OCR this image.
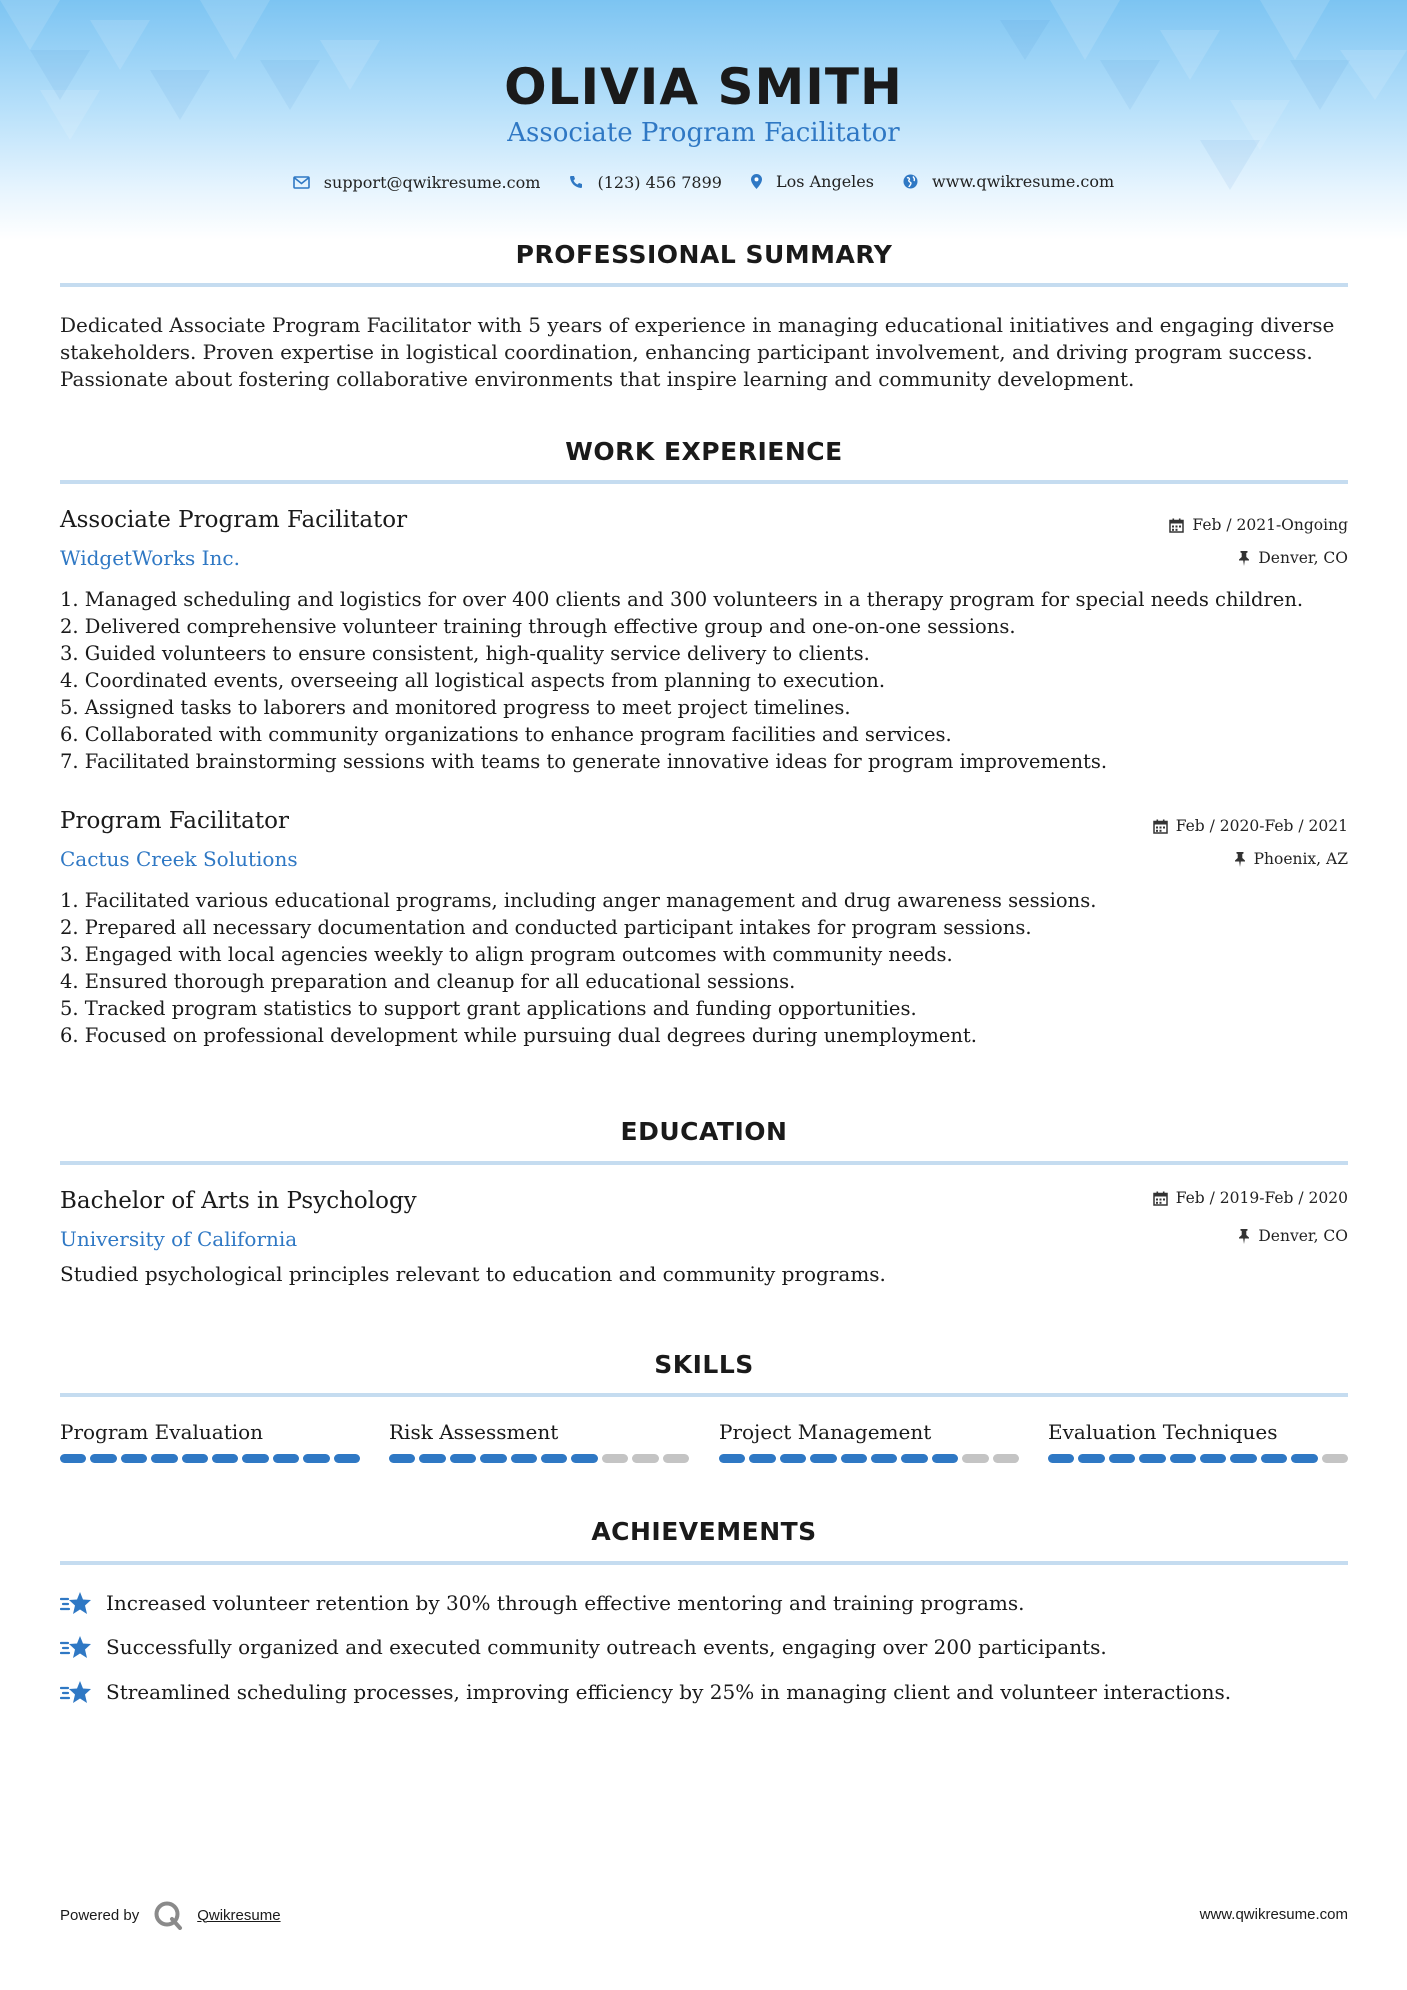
OLIVIA SMITH
Associate Program Facilitator
support@qwikresume.com
	(123) 456 7899
	Los Angeles
	www.qwikresume.com
PROFESSIONAL SUMMARY
Dedicated Associate Program Facilitator with 5 years of experience in managing educational initiatives and engaging diverse
stakeholders. Proven expertise in logistical coordination, enhancing participant involvement, and driving program success.
Passionate about fostering collaborative environments that inspire learning and community development.
WORK EXPERIENCE
Associate Program Facilitator
WidgetWorks Inc.
Feb / 2021-Ongoing
Denver, CO
1. Managed scheduling and logistics for over 400 clients and 300 volunteers in a therapy program for special needs children.
2. Delivered comprehensive volunteer training through effective group and one-on-one sessions.
3. Guided volunteers to ensure consistent, high-quality service delivery to clients.
4. Coordinated events, overseeing all logistical aspects from planning to execution.
5. Assigned tasks to laborers and monitored progress to meet project timelines.
6. Collaborated with community organizations to enhance program facilities and services.
7. Facilitated brainstorming sessions with teams to generate innovative ideas for program improvements.
Program Facilitator
Cactus Creek Solutions
Feb / 2020-Feb / 2021
Phoenix, AZ
1. Facilitated various educational programs, including anger management and drug awareness sessions.
2. Prepared all necessary documentation and conducted participant intakes for program sessions.
3. Engaged with local agencies weekly to align program outcomes with community needs.
4. Ensured thorough preparation and cleanup for all educational sessions.
5. Tracked program statistics to support grant applications and funding opportunities.
6. Focused on professional development while pursuing dual degrees during unemployment.
EDUCATION
Bachelor of Arts in Psychology
University of California
Feb / 2019-Feb / 2020
Denver, CO
Studied psychological principles relevant to education and community programs.
SKILLS
Program Evaluation	Risk Assessment	Project Management	Evaluation Techniques
ACHIEVEMENTS
Increased volunteer retention by 30% through effective mentoring and training programs.
Successfully organized and executed community outreach events, engaging over 200 participants.
Streamlined scheduling processes, improving efficiency by 25% in managing client and volunteer interactions.
Powered by	Qwikresume	www.qwikresume.com
